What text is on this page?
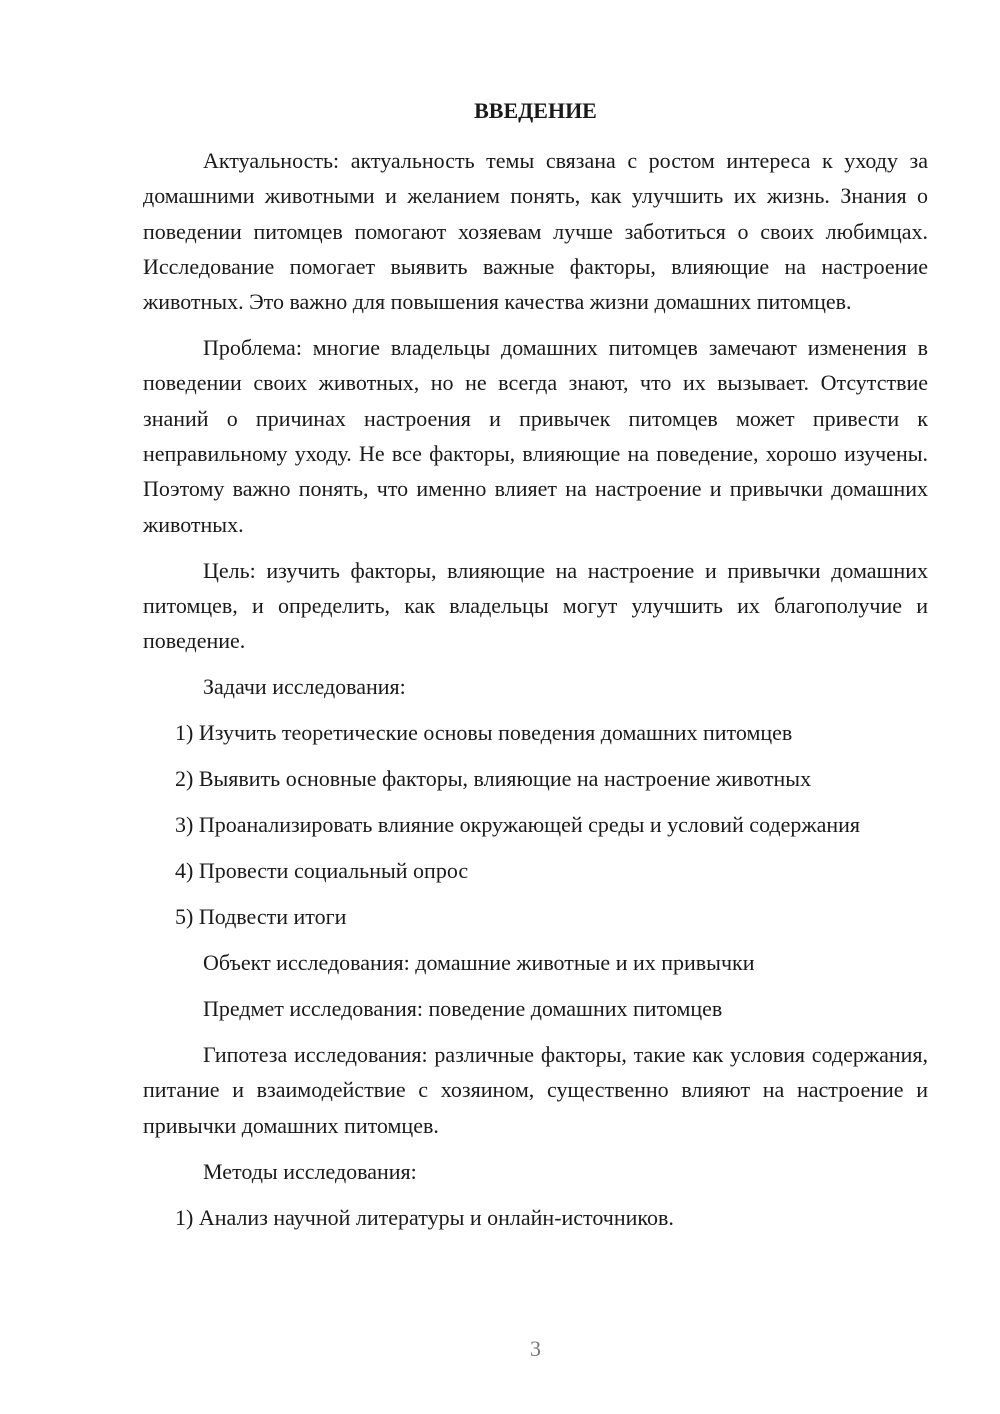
ВВЕДЕНИЕ

Актуальность: актуальность темы связана с ростом интереса к уходу за домашними животными и желанием понять, как улучшить их жизнь. Знания о поведении питомцев помогают хозяевам лучше заботиться о своих любимцах. Исследование помогает выявить важные факторы, влияющие на настроение животных. Это важно для повышения качества жизни домашних питомцев.

Проблема: многие владельцы домашних питомцев замечают изменения в поведении своих животных, но не всегда знают, что их вызывает. Отсутствие знаний о причинах настроения и привычек питомцев может привести к неправильному уходу. Не все факторы, влияющие на поведение, хорошо изучены. Поэтому важно понять, что именно влияет на настроение и привычки домашних животных.

Цель: изучить факторы, влияющие на настроение и привычки домашних питомцев, и определить, как владельцы могут улучшить их благополучие и поведение.

Задачи исследования:

1) Изучить теоретические основы поведения домашних питомцев

2) Выявить основные факторы, влияющие на настроение животных

3) Проанализировать влияние окружающей среды и условий содержания

4) Провести социальный опрос

5) Подвести итоги

Объект исследования: домашние животные и их привычки

Предмет исследования: поведение домашних питомцев

Гипотеза исследования: различные факторы, такие как условия содержания, питание и взаимодействие с хозяином, существенно влияют на настроение и привычки домашних питомцев.

Методы исследования:

1) Анализ научной литературы и онлайн-источников.

3
